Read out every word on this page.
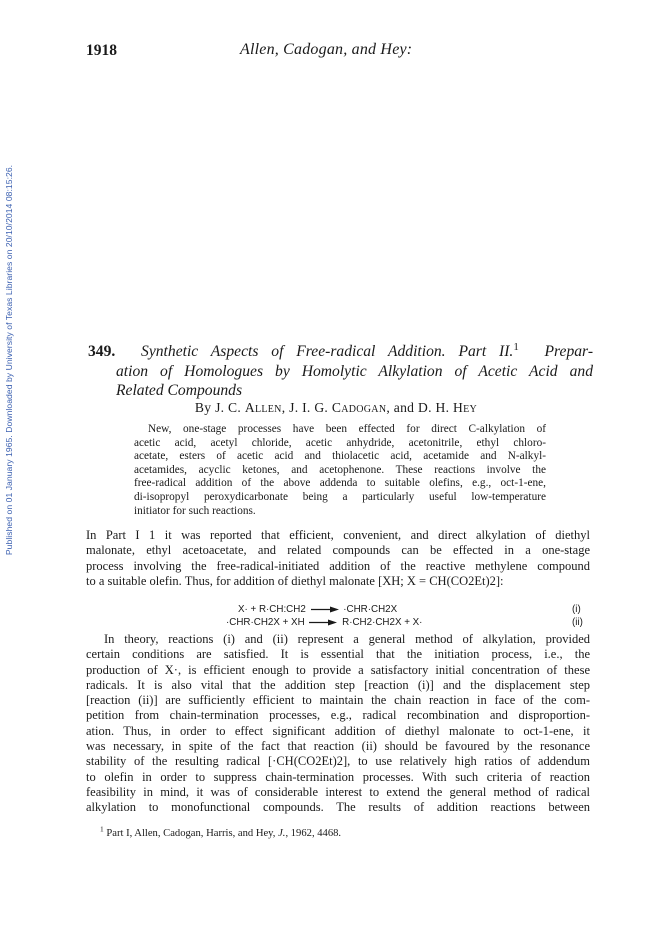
Published on 01 January 1965. Downloaded by University of Texas Libraries on 20/10/2014 08:15:26.
1918	Allen, Cadogan, and Hey:
349. Synthetic Aspects of Free-radical Addition. Part II.$^1$ Prepar-
ation of Homologues by Homolytic Alkylation of Acetic Acid and
Related Compounds
By J. C. Allen, J. I. G. Cadogan, and D. H. Hey
New, one-stage processes have been effected for direct C-alkylation of
acetic acid, acetyl chloride, acetic anhydride, acetonitrile, ethyl chloro-
acetate, esters of acetic acid and thiolacetic acid, acetamide and N-alkyl-
acetamides, acyclic ketones, and acetophenone. These reactions involve the
free-radical addition of the above addenda to suitable olefins, e.g., oct-1-ene,
di-isopropyl peroxydicarbonate being a particularly useful low-temperature
initiator for such reactions.
In Part I 1 it was reported that efficient, convenient, and direct alkylation of diethyl
malonate, ethyl acetoacetate, and related compounds can be effected in a one-stage
process involving the free-radical-initiated addition of the reactive methylene compound
to a suitable olefin. Thus, for addition of diethyl malonate [XH; X = CH(CO2Et)2]:
X· + R·CH:CH2 → ·CHR·CH2X	(i)
·CHR·CH2X + XH → R·CH2·CH2X + X·	(ii)
In theory, reactions (i) and (ii) represent a general method of alkylation, provided
certain conditions are satisfied. It is essential that the initiation process, i.e., the
production of X·, is efficient enough to provide a satisfactory initial concentration of these
radicals. It is also vital that the addition step [reaction (i)] and the displacement step
[reaction (ii)] are sufficiently efficient to maintain the chain reaction in face of the com-
petition from chain-termination processes, e.g., radical recombination and disproportion-
ation. Thus, in order to effect significant addition of diethyl malonate to oct-1-ene, it
was necessary, in spite of the fact that reaction (ii) should be favoured by the resonance
stability of the resulting radical [·CH(CO2Et)2], to use relatively high ratios of addendum
to olefin in order to suppress chain-termination processes. With such criteria of reaction
feasibility in mind, it was of considerable interest to extend the general method of radical
alkylation to monofunctional compounds. The results of addition reactions between
$^1$ Part I, Allen, Cadogan, Harris, and Hey, J., 1962, 4468.
